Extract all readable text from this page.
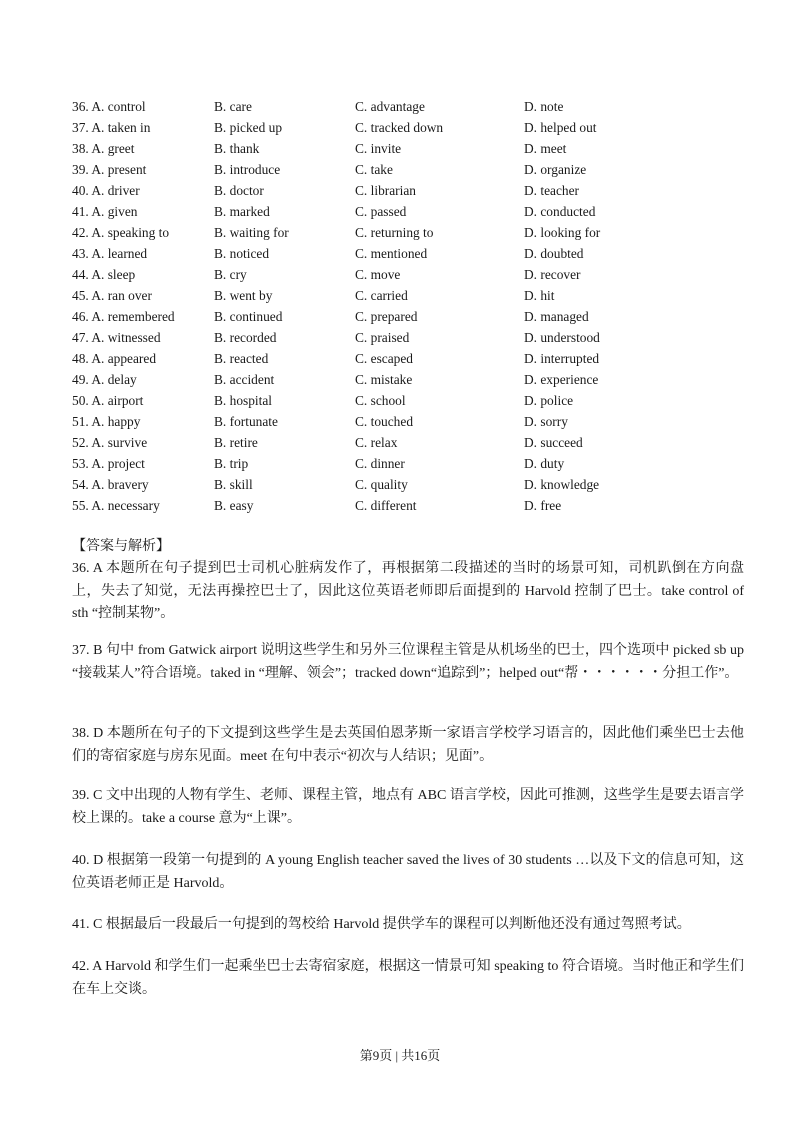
36. A. control	B. care	C. advantage	D. note
37. A. taken in	B. picked up	C. tracked down	D. helped out
38. A. greet	B. thank	C. invite	D. meet
39. A. present	B. introduce	C. take	D. organize
40. A. driver	B. doctor	C. librarian	D. teacher
41. A. given	B. marked	C. passed	D. conducted
42. A. speaking to	B. waiting for	C. returning to	D. looking for
43. A. learned	B. noticed	C. mentioned	D. doubted
44. A. sleep	B. cry	C. move	D. recover
45. A. ran over	B. went by	C. carried	D. hit
46. A. remembered	B. continued	C. prepared	D. managed
47. A. witnessed	B. recorded	C. praised	D. understood
48. A. appeared	B. reacted	C. escaped	D. interrupted
49. A. delay	B. accident	C. mistake	D. experience
50. A. airport	B. hospital	C. school	D. police
51. A. happy	B. fortunate	C. touched	D. sorry
52. A. survive	B. retire	C. relax	D. succeed
53. A. project	B. trip	C. dinner	D. duty
54. A. bravery	B. skill	C. quality	D. knowledge
55. A. necessary	B. easy	C. different	D. free
【答案与解析】
36. A 本题所在句子提到巴士司机心脏病发作了，再根据第二段描述的当时的场景可知，司机趴倒在方向盘上，失去了知觉，无法再操控巴士了，因此这位英语老师即后面提到的 Harvold 控制了巴士。take control of sth “控制某物”。
37. B 句中 from Gatwick airport 说明这些学生和另外三位课程主管是从机场坐的巴士，四个选项中 picked sb up “接载某人”符合语境。taked in “理解、领会”；tracked down“追踪到”；helped out“帮・・・・・・分担工作”。
38. D 本题所在句子的下文提到这些学生是去英国伯恩茅斯一家语言学校学习语言的，因此他们乘坐巴士去他们的寄宿家庭与房东见面。meet 在句中表示“初次与人结识；见面”。
39. C 文中出现的人物有学生、老师、课程主管，地点有 ABC 语言学校，因此可推测，这些学生是要去语言学校上课的。take a course 意为“上课”。
40. D 根据第一段第一句提到的 A young English teacher saved the lives of 30 students …以及下文的信息可知，这位英语老师正是 Harvold。
41. C 根据最后一段最后一句提到的驾校给 Harvold 提供学车的课程可以判断他还没有通过驾照考试。
42. A Harvold 和学生们一起乘坐巴士去寄宿家庭，根据这一情景可知 speaking to 符合语境。当时他正和学生们在车上交谈。
第9页 | 共16页
